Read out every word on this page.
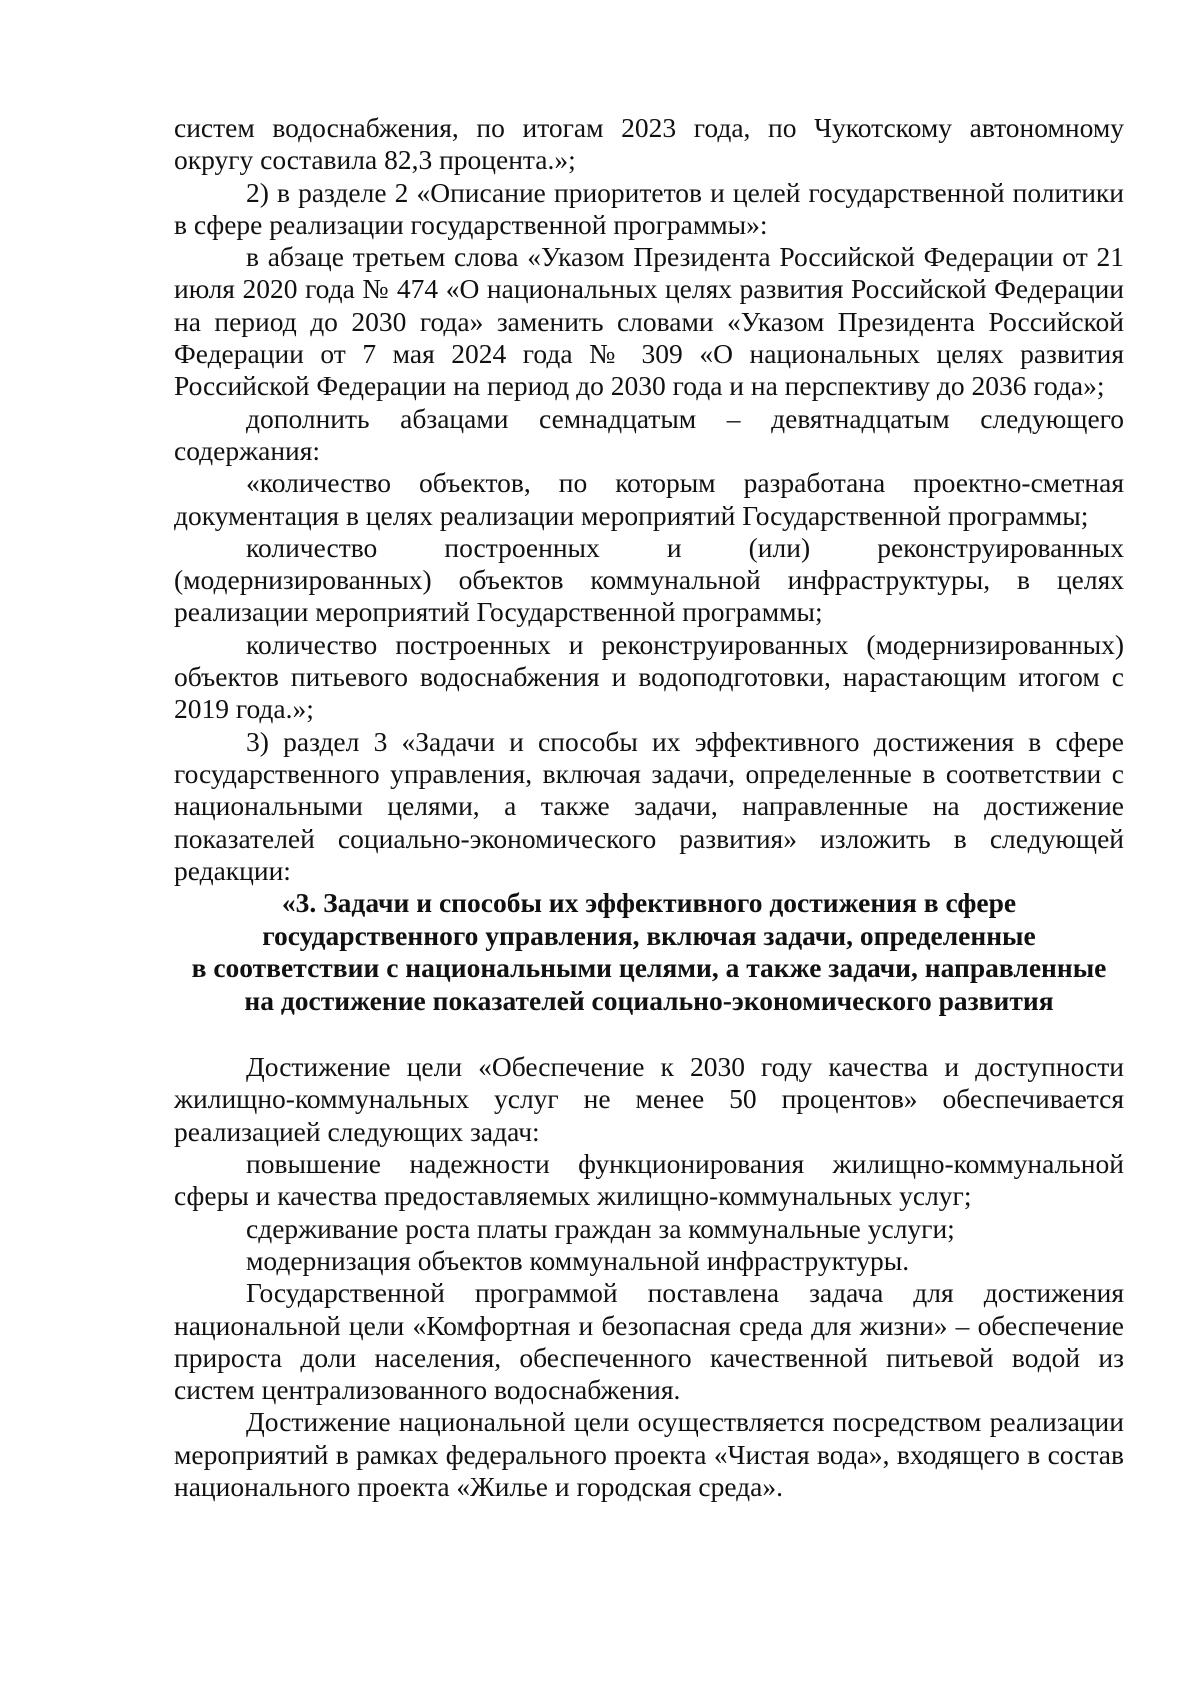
систем водоснабжения, по итогам 2023 года, по Чукотскому автономному округу составила 82,3 процента.»;

2) в разделе 2 «Описание приоритетов и целей государственной политики в сфере реализации государственной программы»:

в абзаце третьем слова «Указом Президента Российской Федерации от 21 июля 2020 года № 474 «О национальных целях развития Российской Федерации на период до 2030 года» заменить словами «Указом Президента Российской Федерации от 7 мая 2024 года № 309 «О национальных целях развития Российской Федерации на период до 2030 года и на перспективу до 2036 года»;

дополнить абзацами семнадцатым – девятнадцатым следующего содержания:

«количество объектов, по которым разработана проектно-сметная документация в целях реализации мероприятий Государственной программы;

количество построенных и (или) реконструированных (модернизированных) объектов коммунальной инфраструктуры, в целях реализации мероприятий Государственной программы;

количество построенных и реконструированных (модернизированных) объектов питьевого водоснабжения и водоподготовки, нарастающим итогом с 2019 года.»;

3) раздел 3 «Задачи и способы их эффективного достижения в сфере государственного управления, включая задачи, определенные в соответствии с национальными целями, а также задачи, направленные на достижение показателей социально-экономического развития» изложить в следующей редакции:

«3. Задачи и способы их эффективного достижения в сфере
государственного управления, включая задачи, определенные
в соответствии с национальными целями, а также задачи, направленные
на достижение показателей социально-экономического развития

Достижение цели «Обеспечение к 2030 году качества и доступности жилищно-коммунальных услуг не менее 50 процентов» обеспечивается реализацией следующих задач:

повышение надежности функционирования жилищно-коммунальной сферы и качества предоставляемых жилищно-коммунальных услуг;

сдерживание роста платы граждан за коммунальные услуги;

модернизация объектов коммунальной инфраструктуры.

Государственной программой поставлена задача для достижения национальной цели «Комфортная и безопасная среда для жизни» – обеспечение прироста доли населения, обеспеченного качественной питьевой водой из систем централизованного водоснабжения.

Достижение национальной цели осуществляется посредством реализации мероприятий в рамках федерального проекта «Чистая вода», входящего в состав национального проекта «Жилье и городская среда».
